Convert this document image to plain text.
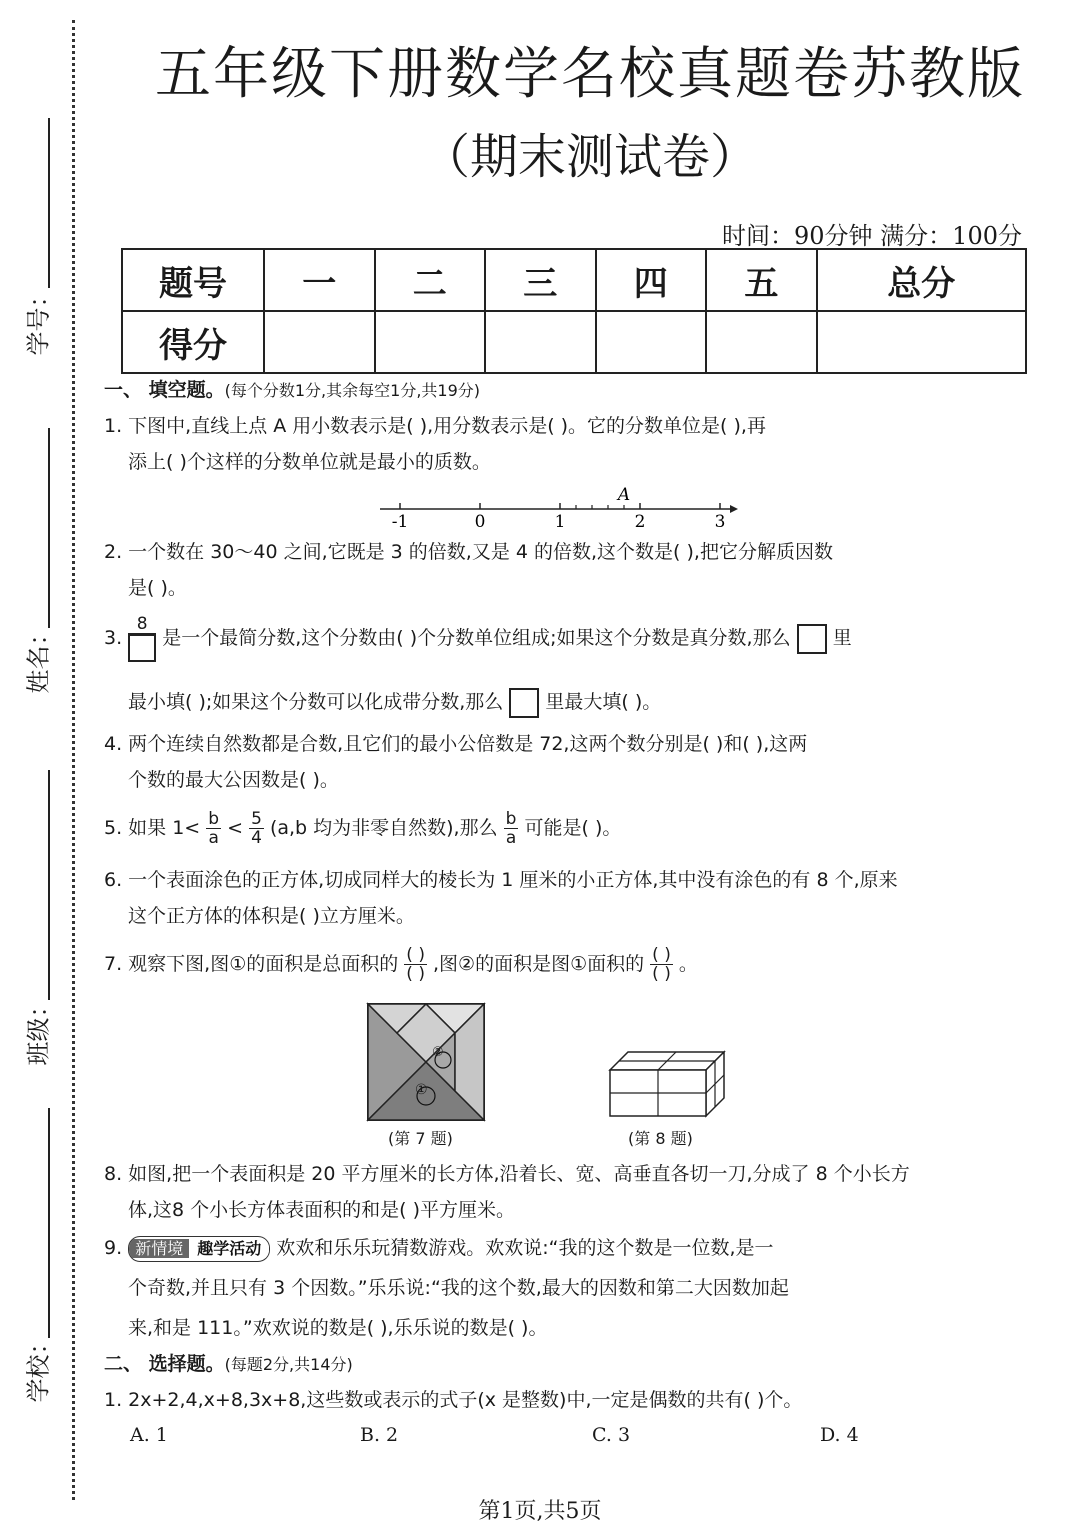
学号：
姓名：
班级：
学校：
五年级下册数学名校真题卷苏教版
（期末测试卷）
时间：90分钟 满分：100分
题号	一	二	三	四	五	总分
得分						
一、 填空题。(每个分数1分,其余每空1分,共19分)
1. 下图中,直线上点 A 用小数表示是( ),用分数表示是( )。它的分数单位是( ),再
添上( )个这样的分数单位就是最小的质数。
-1	0	1	2	3
A
2. 一个数在 30～40 之间,它既是 3 的倍数,又是 4 的倍数,这个数是( ),把它分解质因数
是( )。
3.
8
是一个最简分数,这个分数由( )个分数单位组成;如果这个分数是真分数,那么 里
最小填( );如果这个分数可以化成带分数,那么 里最大填( )。
4. 两个连续自然数都是合数,且它们的最小公倍数是 72,这两个数分别是( )和( ),这两
个数的最大公因数是( )。
5. 如果 $1< \frac{b}{a} < \frac{5}{4} (a,b$ 均为非零自然数),那么 $\frac{b}{a}$ 可能是( )。
6. 一个表面涂色的正方体,切成同样大的棱长为 1 厘米的小正方体,其中没有涂色的有 8 个,原来
这个正方体的体积是( )立方厘米。
7. 观察下图,图①的面积是总面积的 $\frac{( )}{( )}$ ,图②的面积是图①面积的 $\frac{( )}{( )}$ 。
②
①
(第 7 题)	(第 8 题)
8. 如图,把一个表面积是 20 平方厘米的长方体,沿着长、宽、高垂直各切一刀,分成了 8 个小长方
体,这8 个小长方体表面积的和是( )平方厘米。
9. 新情境 趣学活动 欢欢和乐乐玩猜数游戏。欢欢说:“我的这个数是一位数,是一
个奇数,并且只有 3 个因数。”乐乐说:“我的这个数,最大的因数和第二大因数加起
来,和是 111。”欢欢说的数是( ),乐乐说的数是( )。
二、 选择题。(每题2分,共14分)
1. 2x+2,4,x+8,3x+8,这些数或表示的式子(x 是整数)中,一定是偶数的共有( )个。
A. 1	B. 2	C. 3	D. 4
第1页,共5页
